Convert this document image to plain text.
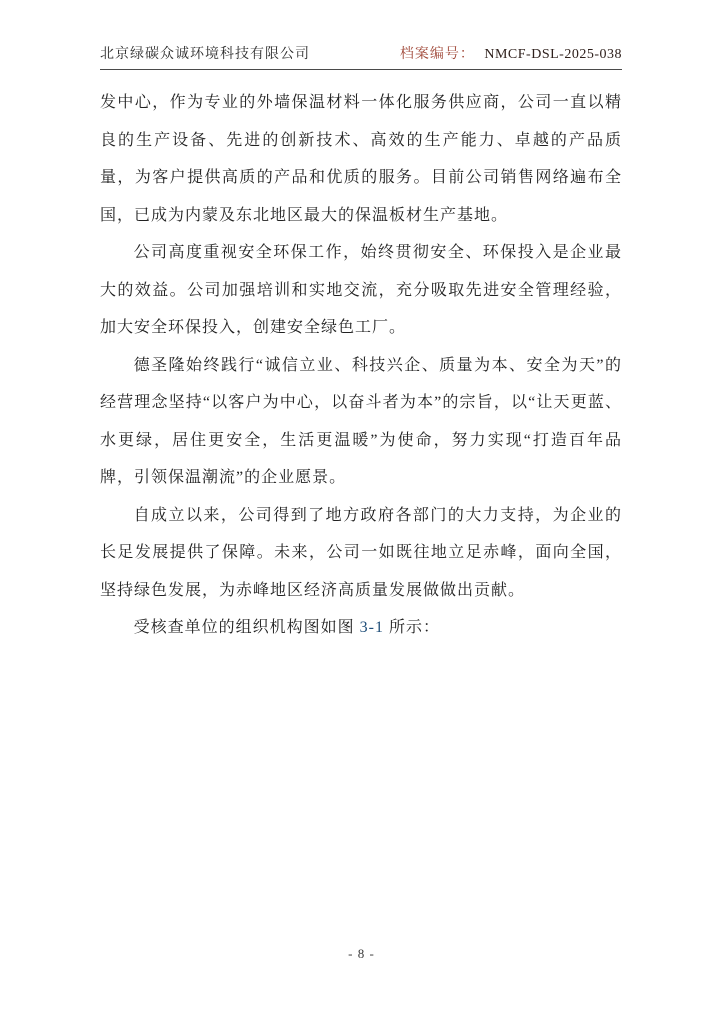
北京绿碳众诚环境科技有限公司	档案编号： NMCF-DSL-2025-038

发中心，作为专业的外墙保温材料一体化服务供应商，公司一直以精良的生产设备、先进的创新技术、高效的生产能力、卓越的产品质量，为客户提供高质的产品和优质的服务。目前公司销售网络遍布全国，已成为内蒙及东北地区最大的保温板材生产基地。

公司高度重视安全环保工作，始终贯彻安全、环保投入是企业最大的效益。公司加强培训和实地交流，充分吸取先进安全管理经验，加大安全环保投入，创建安全绿色工厂。

德圣隆始终践行“诚信立业、科技兴企、质量为本、安全为天”的经营理念坚持“以客户为中心，以奋斗者为本”的宗旨，以“让天更蓝、水更绿，居住更安全，生活更温暖”为使命，努力实现“打造百年品牌，引领保温潮流”的企业愿景。

自成立以来，公司得到了地方政府各部门的大力支持，为企业的长足发展提供了保障。未来，公司一如既往地立足赤峰，面向全国，坚持绿色发展，为赤峰地区经济高质量发展做做出贡献。

受核查单位的组织机构图如图 3-1 所示：

- 8 -
